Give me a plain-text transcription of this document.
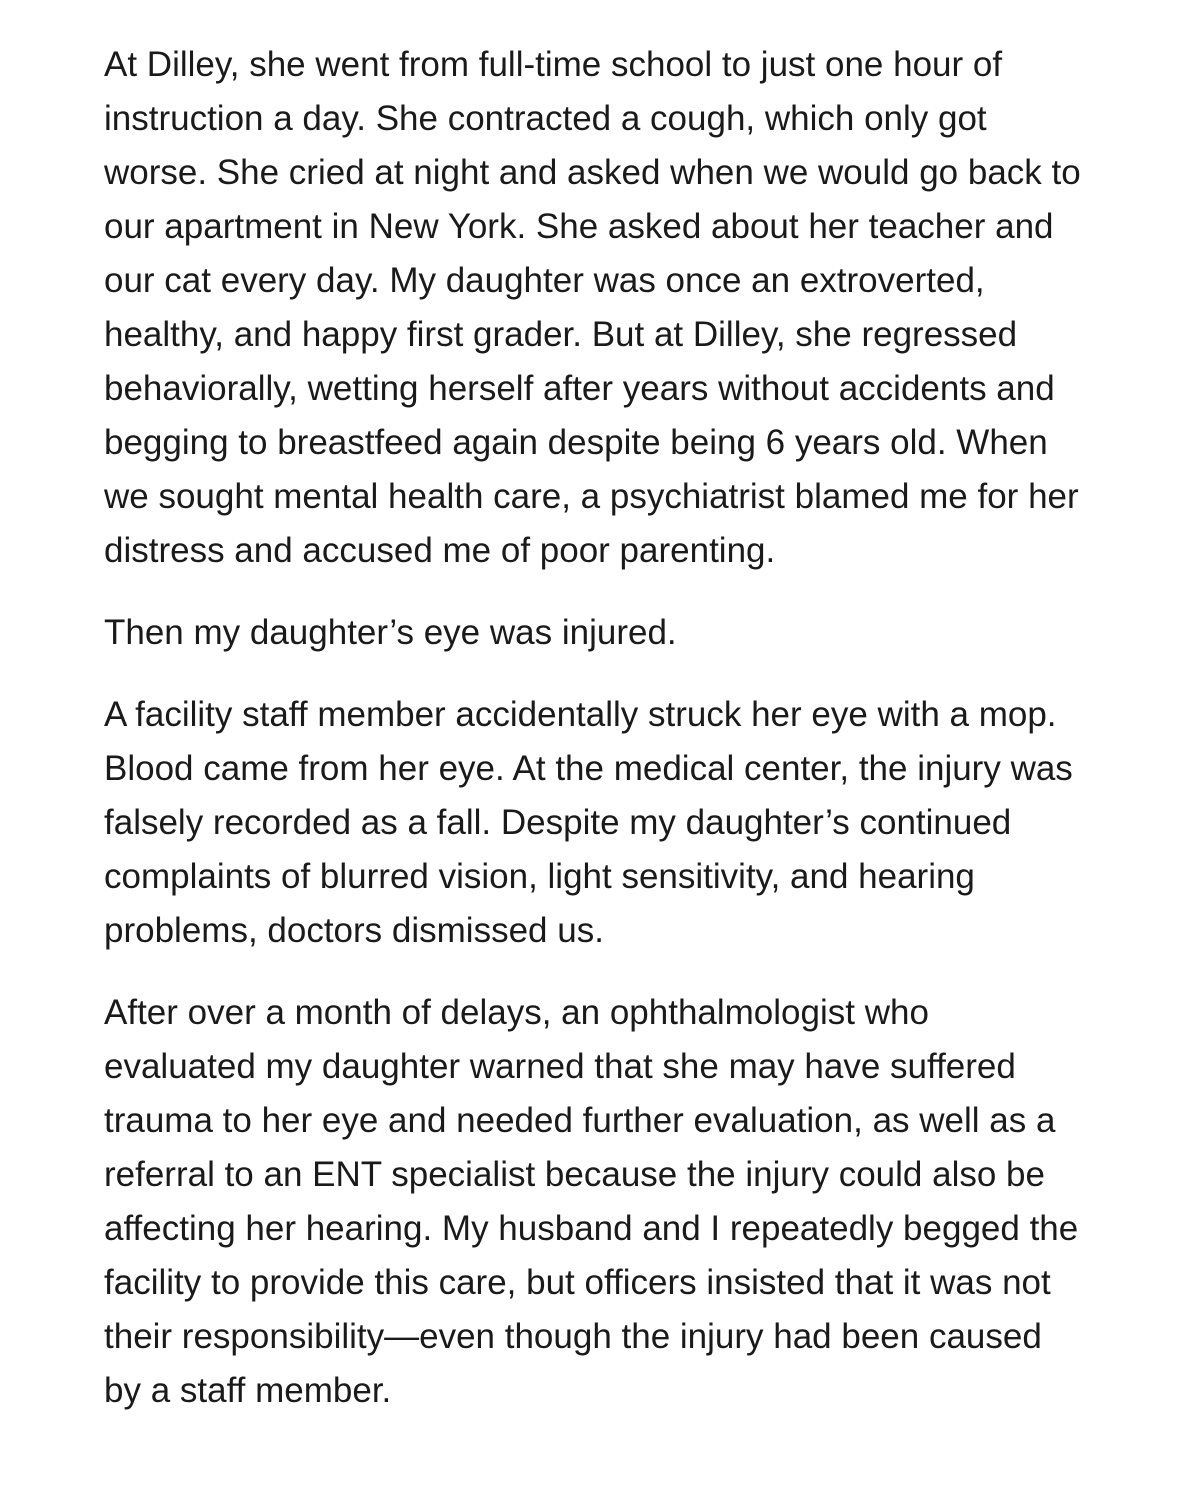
At Dilley, she went from full-time school to just one hour of instruction a day. She contracted a cough, which only got worse. She cried at night and asked when we would go back to our apartment in New York. She asked about her teacher and our cat every day. My daughter was once an extroverted, healthy, and happy first grader. But at Dilley, she regressed behaviorally, wetting herself after years without accidents and begging to breastfeed again despite being 6 years old. When we sought mental health care, a psychiatrist blamed me for her distress and accused me of poor parenting.

Then my daughter’s eye was injured.

A facility staff member accidentally struck her eye with a mop. Blood came from her eye. At the medical center, the injury was falsely recorded as a fall. Despite my daughter’s continued complaints of blurred vision, light sensitivity, and hearing problems, doctors dismissed us.

After over a month of delays, an ophthalmologist who evaluated my daughter warned that she may have suffered trauma to her eye and needed further evaluation, as well as a referral to an ENT specialist because the injury could also be affecting her hearing. My husband and I repeatedly begged the facility to provide this care, but officers insisted that it was not their responsibility—even though the injury had been caused by a staff member.
